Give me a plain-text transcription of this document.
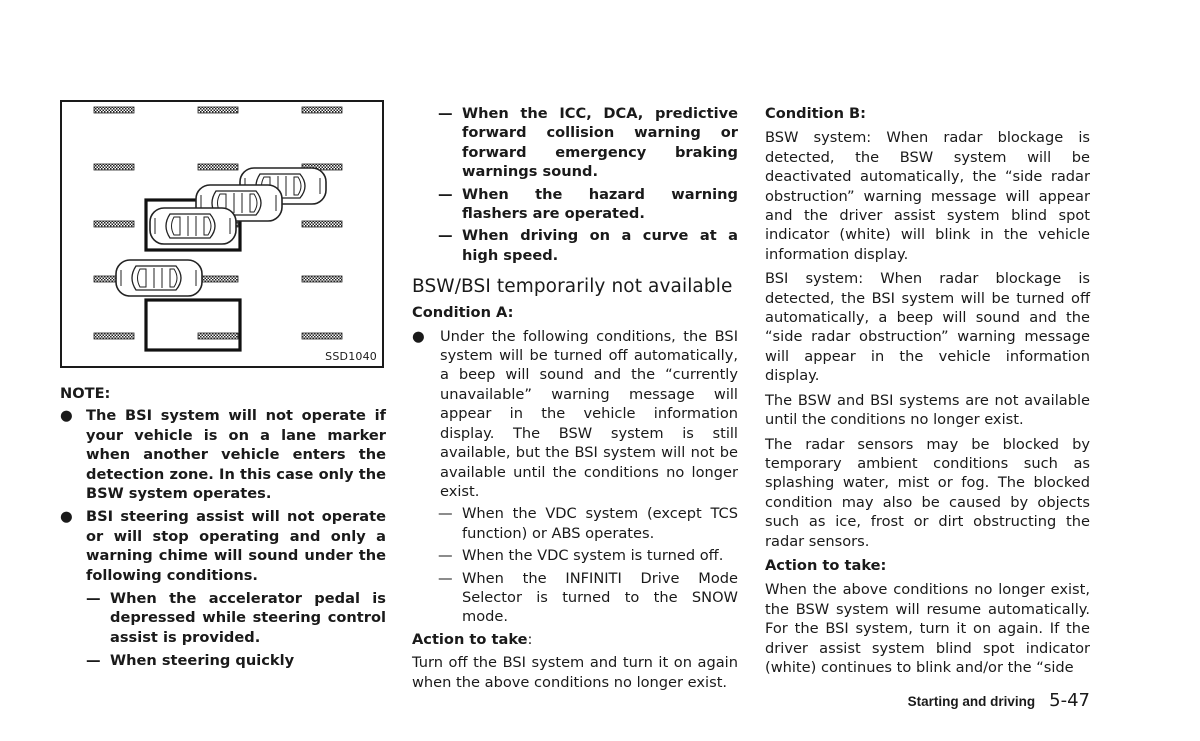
SSD1040

NOTE:

● The BSI system will not operate if your vehicle is on a lane marker when another vehicle enters the detection zone. In this case only the BSW system operates.

● BSI steering assist will not operate or will stop operating and only a warning chime will sound under the following conditions.

— When the accelerator pedal is depressed while steering control assist is provided.

— When steering quickly

— When the ICC, DCA, predictive forward collision warning or forward emergency braking warnings sound.

— When the hazard warning flashers are operated.

— When driving on a curve at a high speed.

BSW/BSI temporarily not available

Condition A:

● Under the following conditions, the BSI system will be turned off automatically, a beep will sound and the “currently unavailable” warning message will appear in the vehicle information display. The BSW system is still available, but the BSI system will not be available until the conditions no longer exist.

— When the VDC system (except TCS function) or ABS operates.

— When the VDC system is turned off.

— When the INFINITI Drive Mode Selector is turned to the SNOW mode.

Action to take:

Turn off the BSI system and turn it on again when the above conditions no longer exist.

Condition B:

BSW system: When radar blockage is detected, the BSW system will be deactivated automatically, the “side radar obstruction” warning message will appear and the driver assist system blind spot indicator (white) will blink in the vehicle information display.

BSI system: When radar blockage is detected, the BSI system will be turned off automatically, a beep will sound and the “side radar obstruction” warning message will appear in the vehicle information display.

The BSW and BSI systems are not available until the conditions no longer exist.

The radar sensors may be blocked by temporary ambient conditions such as splashing water, mist or fog. The blocked condition may also be caused by objects such as ice, frost or dirt obstructing the radar sensors.

Action to take:

When the above conditions no longer exist, the BSW system will resume automatically. For the BSI system, turn it on again. If the driver assist system blind spot indicator (white) continues to blink and/or the “side

Starting and driving 5-47
